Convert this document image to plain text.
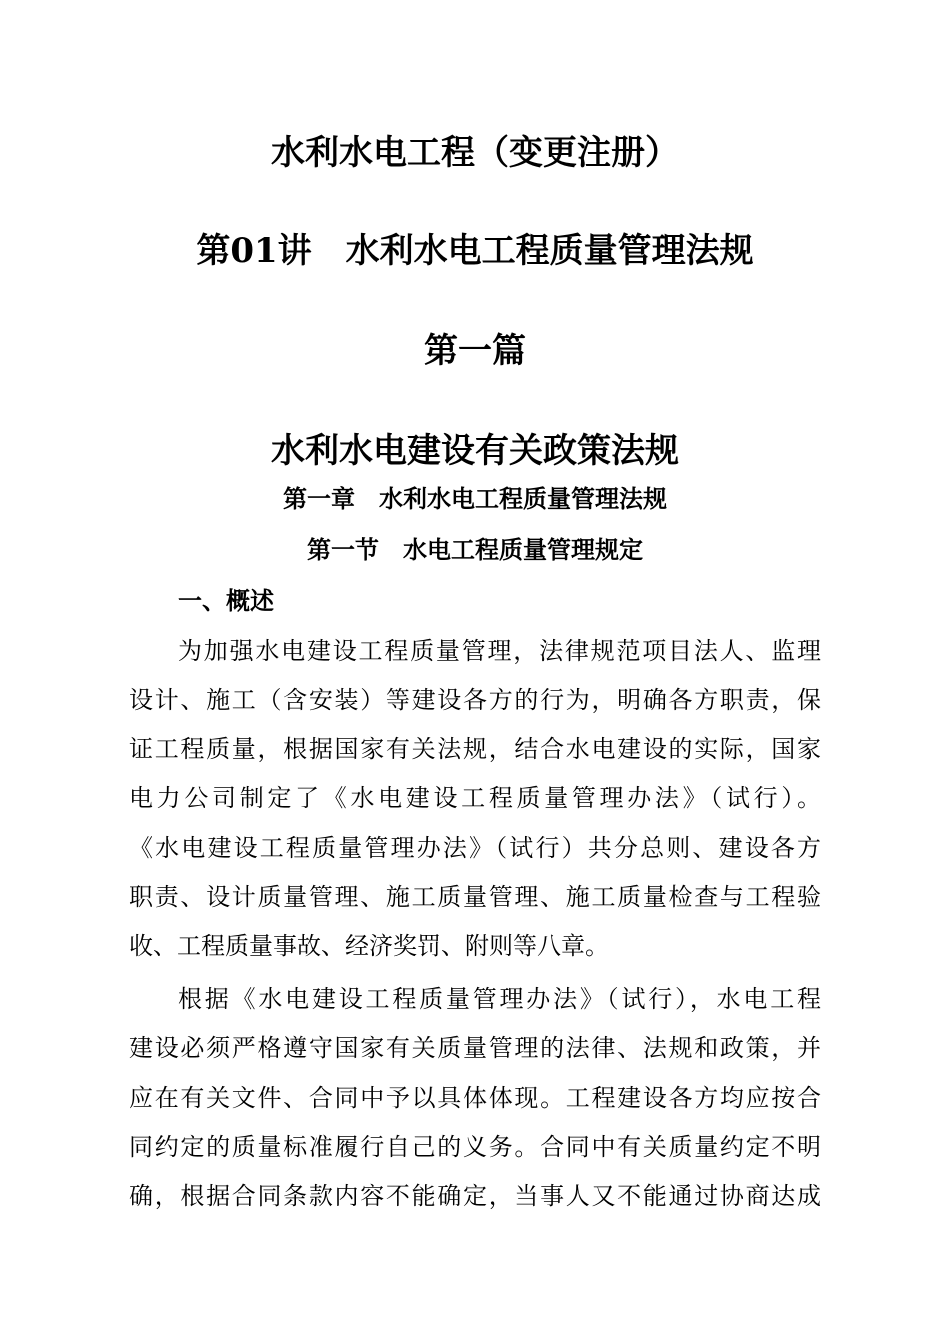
水利水电工程（变更注册）
第01讲　水利水电工程质量管理法规
第一篇
水利水电建设有关政策法规
第一章　水利水电工程质量管理法规
第一节　水电工程质量管理规定
一、概述
为加强水电建设工程质量管理，法律规范项目法人、监理
设计、施工（含安装）等建设各方的行为，明确各方职责，保
证工程质量，根据国家有关法规，结合水电建设的实际，国家
电力公司制定了《水电建设工程质量管理办法》（试行）。
《水电建设工程质量管理办法》（试行）共分总则、建设各方
职责、设计质量管理、施工质量管理、施工质量检查与工程验
收、工程质量事故、经济奖罚、附则等八章。
根据《水电建设工程质量管理办法》（试行），水电工程
建设必须严格遵守国家有关质量管理的法律、法规和政策，并
应在有关文件、合同中予以具体体现。工程建设各方均应按合
同约定的质量标准履行自己的义务。合同中有关质量约定不明
确，根据合同条款内容不能确定，当事人又不能通过协商达成
